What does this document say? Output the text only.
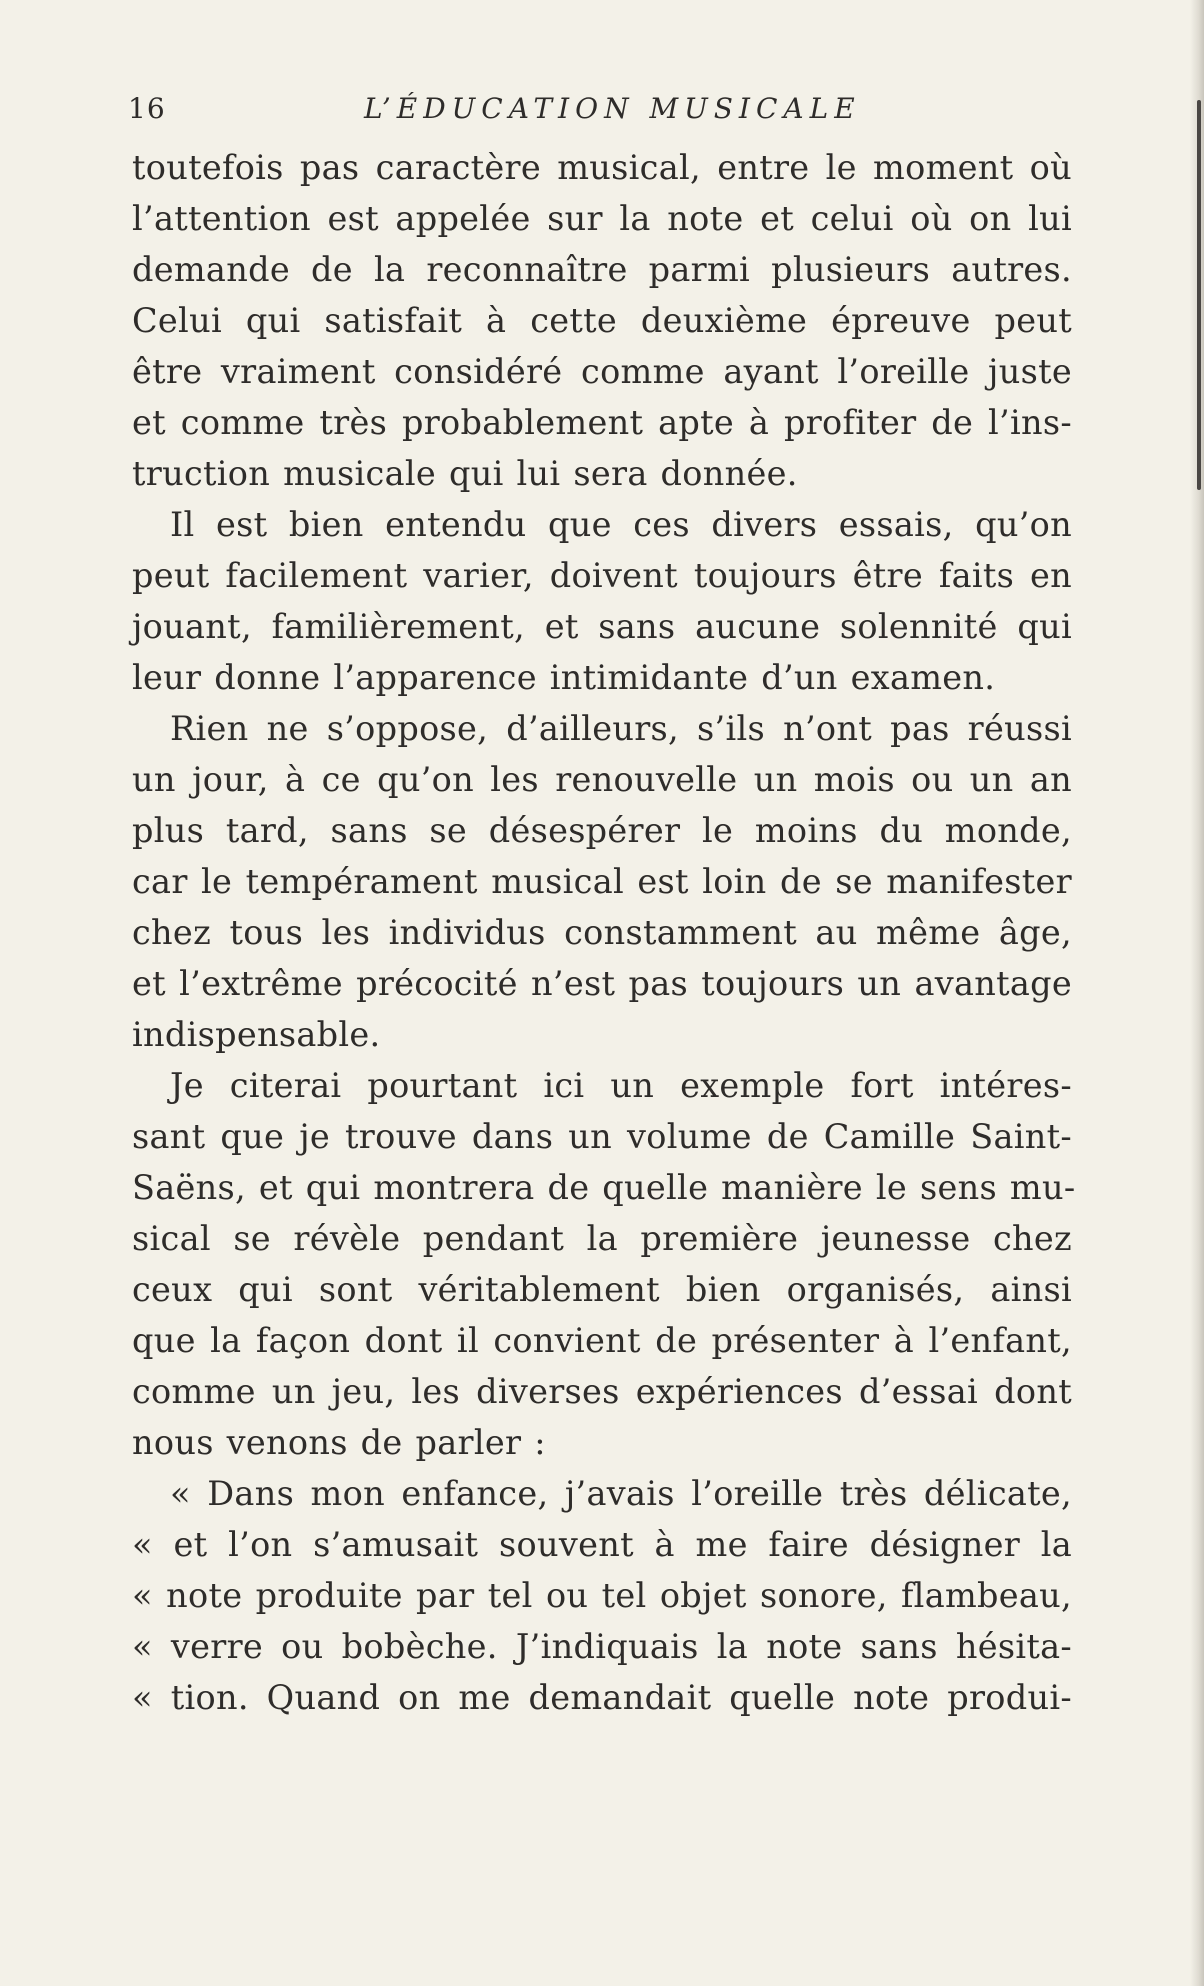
16	L’ÉDUCATION MUSICALE
toutefois pas caractère musical, entre le moment où
l’attention est appelée sur la note et celui où on lui
demande de la reconnaître parmi plusieurs autres.
Celui qui satisfait à cette deuxième épreuve peut
être vraiment considéré comme ayant l’oreille juste
et comme très probablement apte à profiter de l’ins-
truction musicale qui lui sera donnée.
Il est bien entendu que ces divers essais, qu’on
peut facilement varier, doivent toujours être faits en
jouant, familièrement, et sans aucune solennité qui
leur donne l’apparence intimidante d’un examen.
Rien ne s’oppose, d’ailleurs, s’ils n’ont pas réussi
un jour, à ce qu’on les renouvelle un mois ou un an
plus tard, sans se désespérer le moins du monde,
car le tempérament musical est loin de se manifester
chez tous les individus constamment au même âge,
et l’extrême précocité n’est pas toujours un avantage
indispensable.
Je citerai pourtant ici un exemple fort intéres-
sant que je trouve dans un volume de Camille Saint-
Saëns, et qui montrera de quelle manière le sens mu-
sical se révèle pendant la première jeunesse chez
ceux qui sont véritablement bien organisés, ainsi
que la façon dont il convient de présenter à l’enfant,
comme un jeu, les diverses expériences d’essai dont
nous venons de parler :
« Dans mon enfance, j’avais l’oreille très délicate,
« et l’on s’amusait souvent à me faire désigner la
« note produite par tel ou tel objet sonore, flambeau,
« verre ou bobèche. J’indiquais la note sans hésita-
« tion. Quand on me demandait quelle note produi-
